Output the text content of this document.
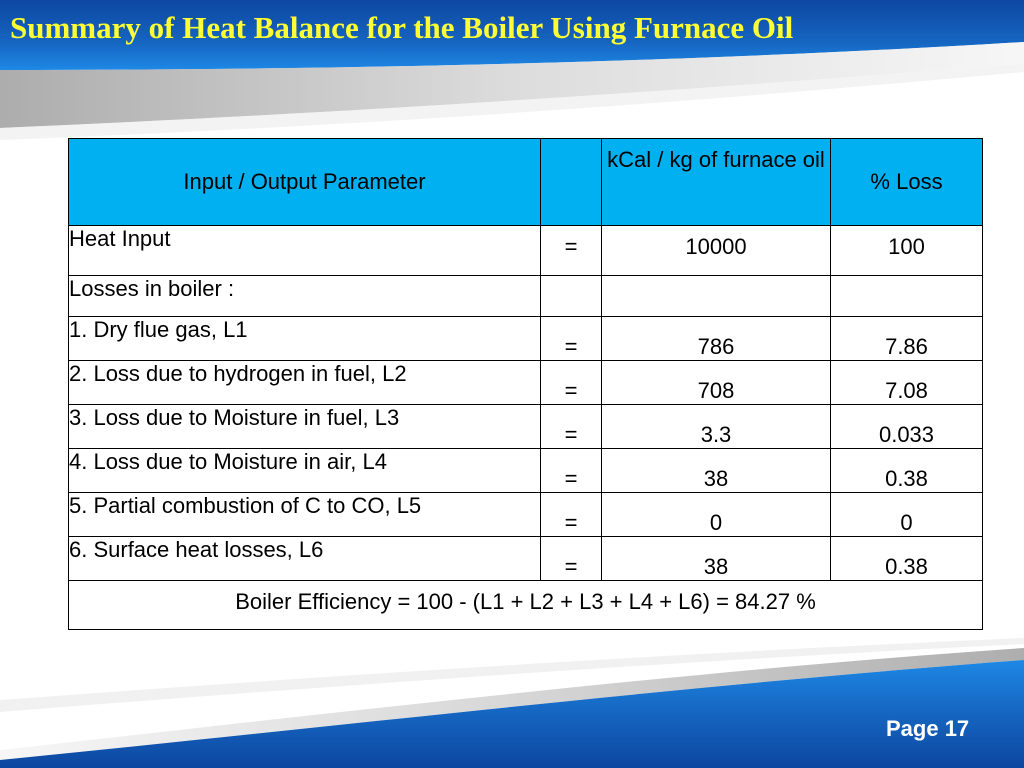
Summary of Heat Balance for the Boiler Using Furnace Oil
Input / Output Parameter		kCal / kg of furnace oil	% Loss
Heat Input	=	10000	100
Losses in boiler :			
1. Dry flue gas, L1	=	786	7.86
2. Loss due to hydrogen in fuel, L2	=	708	7.08
3. Loss due to Moisture in fuel, L3	=	3.3	0.033
4. Loss due to Moisture in air, L4	=	38	0.38
5. Partial combustion of C to CO, L5	=	0	0
6. Surface heat losses, L6	=	38	0.38
Boiler Efficiency = 100 - (L1 + L2 + L3 + L4 + L6) = 84.27 %			
Page 17
